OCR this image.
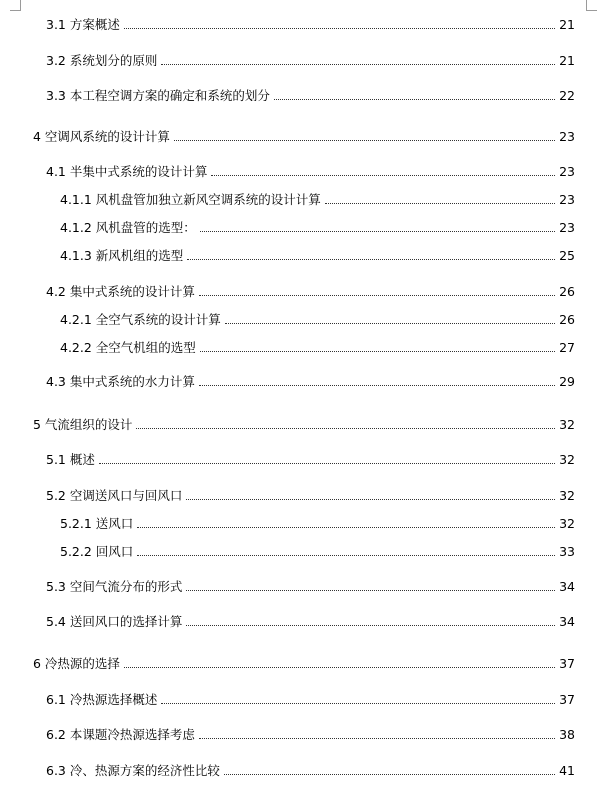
3.1 方案概述	21
3.2 系统划分的原则	21
3.3 本工程空调方案的确定和系统的划分	22
4 空调风系统的设计计算	23
4.1 半集中式系统的设计计算	23
4.1.1 风机盘管加独立新风空调系统的设计计算	23
4.1.2 风机盘管的选型：	23
4.1.3 新风机组的选型	25
4.2 集中式系统的设计计算	26
4.2.1 全空气系统的设计计算	26
4.2.2 全空气机组的选型	27
4.3 集中式系统的水力计算	29
5 气流组织的设计	32
5.1 概述	32
5.2 空调送风口与回风口	32
5.2.1 送风口	32
5.2.2 回风口	33
5.3 空间气流分布的形式	34
5.4 送回风口的选择计算	34
6 冷热源的选择	37
6.1 冷热源选择概述	37
6.2 本课题冷热源选择考虑	38
6.3 冷、热源方案的经济性比较	41
